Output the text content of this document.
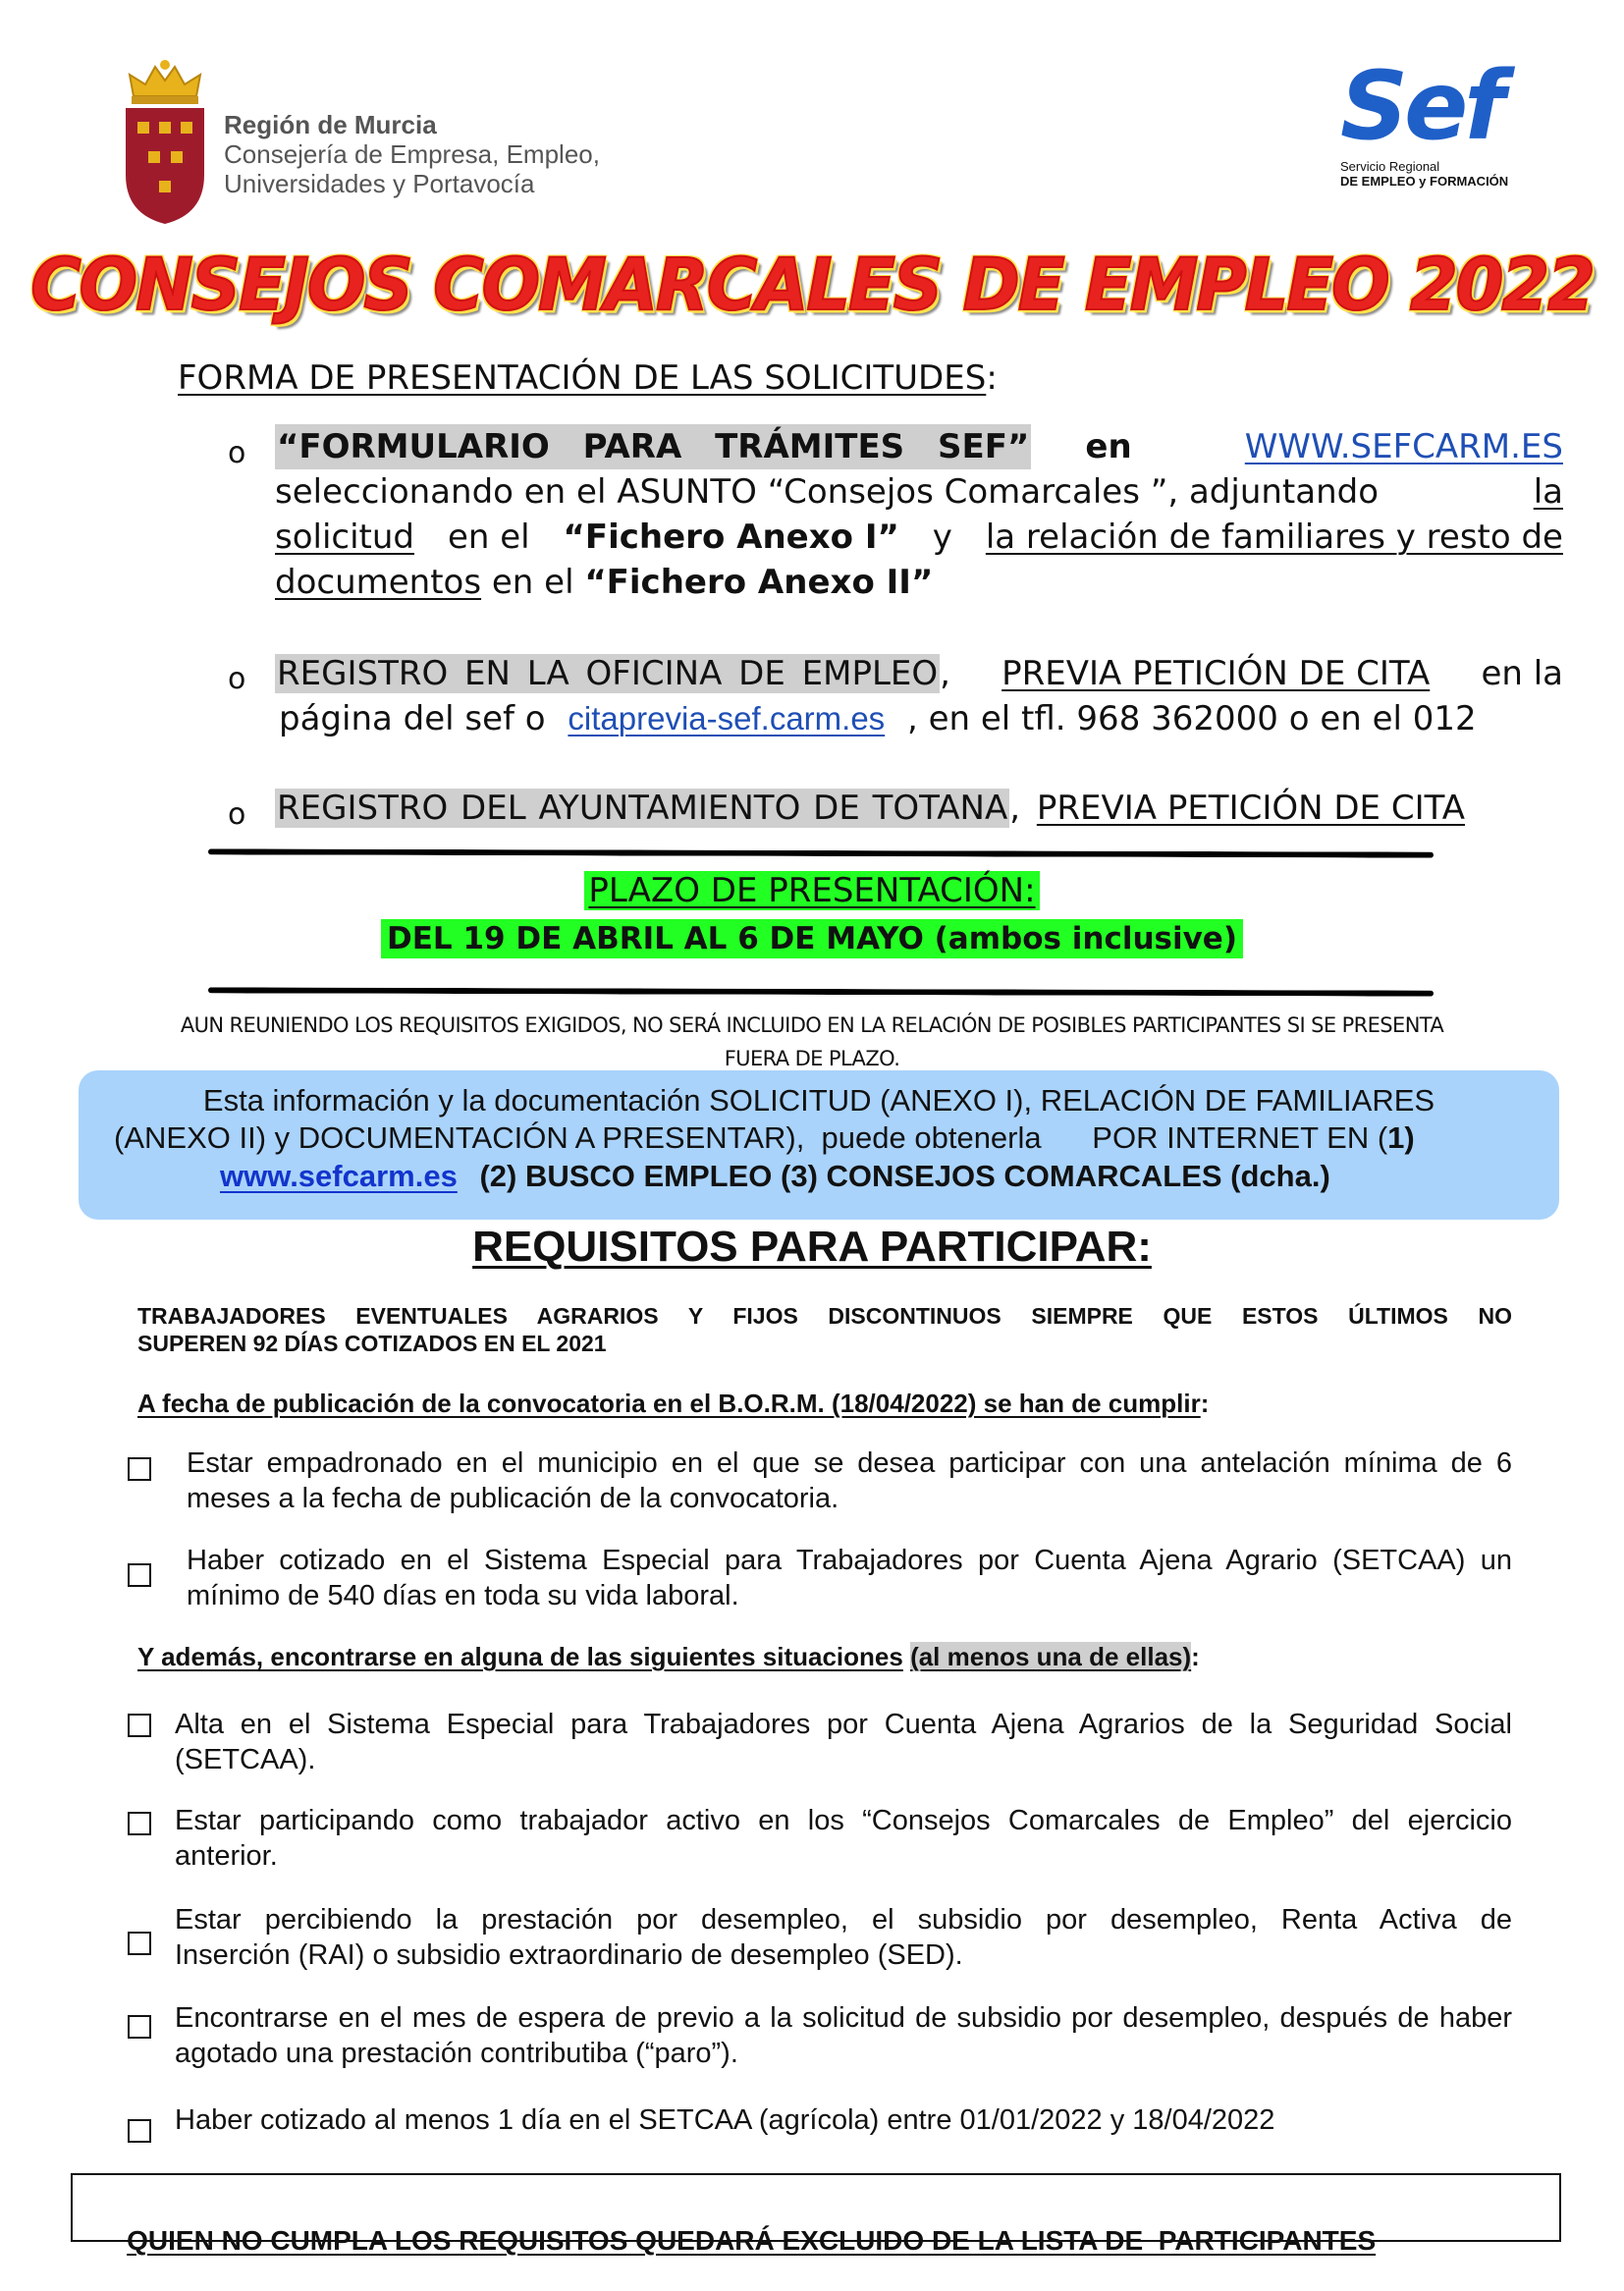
Región de Murcia
Consejería de Empresa, Empleo,
Universidades y Portavocía
Sef
Servicio Regional
DE EMPLEO y FORMACIÓN
CONSEJOS COMARCALES DE EMPLEO 2022
FORMA DE PRESENTACIÓN DE LAS SOLICITUDES:
o “FORMULARIO PARA TRÁMITES SEF” en	WWW.SEFCARM.ES
seleccionando en el ASUNTO “Consejos Comarcales ”, adjuntando	la
solicitud en el “Fichero Anexo I” y la relación de familiares y resto de
documentos en el “Fichero Anexo II”
o REGISTRO EN LA OFICINA DE EMPLEO, PREVIA PETICIÓN DE CITA en la
página del sef o citaprevia-sef.carm.es , en el tfl. 968 362000 o en el 012
o REGISTRO DEL AYUNTAMIENTO DE TOTANA, PREVIA PETICIÓN DE CITA
PLAZO DE PRESENTACIÓN:
DEL 19 DE ABRIL AL 6 DE MAYO (ambos inclusive)
AUN REUNIENDO LOS REQUISITOS EXIGIDOS, NO SERÁ INCLUIDO EN LA RELACIÓN DE POSIBLES PARTICIPANTES SI SE PRESENTA
FUERA DE PLAZO.
Esta información y la documentación SOLICITUD (ANEXO I), RELACIÓN DE FAMILIARES
(ANEXO II) y DOCUMENTACIÓN A PRESENTAR),  puede obtenerla      POR INTERNET EN (1)
www.sefcarm.es (2) BUSCO EMPLEO (3) CONSEJOS COMARCALES (dcha.)
REQUISITOS PARA PARTICIPAR:
TRABAJADORES EVENTUALES AGRARIOS Y FIJOS DISCONTINUOS SIEMPRE QUE ESTOS ÚLTIMOS NO
SUPEREN 92 DÍAS COTIZADOS EN EL 2021
A fecha de publicación de la convocatoria en el B.O.R.M. (18/04/2022) se han de cumplir:
Estar empadronado en el municipio en el que se desea participar con una antelación mínima de 6
meses a la fecha de publicación de la convocatoria.
Haber cotizado en el Sistema Especial para Trabajadores por Cuenta Ajena Agrario (SETCAA) un
mínimo de 540 días en toda su vida laboral.
Y además, encontrarse en alguna de las siguientes situaciones (al menos una de ellas):
Alta en el Sistema Especial para Trabajadores por Cuenta Ajena Agrarios de la Seguridad Social
(SETCAA).
Estar participando como trabajador activo en los “Consejos Comarcales de Empleo” del ejercicio
anterior.
Estar percibiendo la prestación por desempleo, el subsidio por desempleo, Renta Activa de
Inserción (RAI) o subsidio extraordinario de desempleo (SED).
Encontrarse en el mes de espera de previo a la solicitud de subsidio por desempleo, después de haber
agotado una prestación contributiba (“paro”).
Haber cotizado al menos 1 día en el SETCAA (agrícola) entre 01/01/2022 y 18/04/2022

QUIEN NO CUMPLA LOS REQUISITOS QUEDARÁ EXCLUIDO DE LA LISTA DE  PARTICIPANTES
